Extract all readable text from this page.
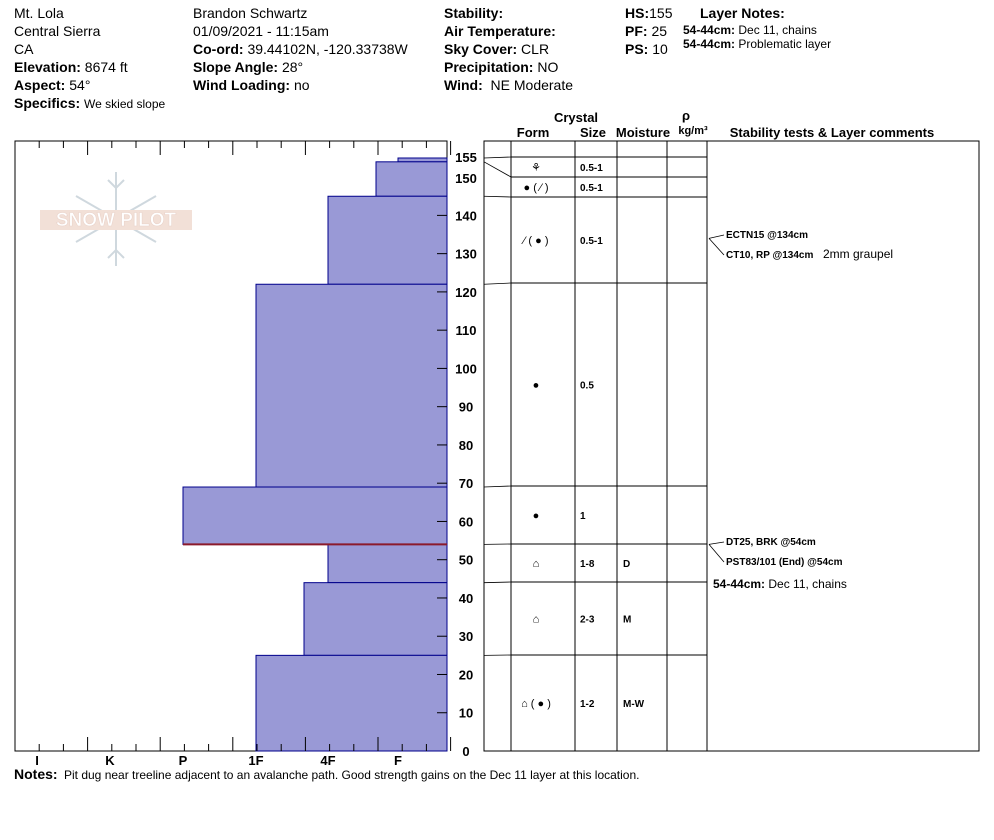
Mt. Lola
Central Sierra
CA
Elevation: 8674 ft
Aspect: 54°
Specifics: We skied slope
Brandon Schwartz
01/09/2021 - 11:15am
Co-ord: 39.44102N, -120.33738W
Slope Angle: 28°
Wind Loading: no
Stability:
Air Temperature:
Sky Cover: CLR
Precipitation: NO
Wind: NE Moderate
HS:155
PF: 25
PS: 10
Layer Notes:
54-44cm: Dec 11, chains
54-44cm: Problematic layer
SNOW PILOT
I	K	P	1F	4F	F
0
10
20
30
40
50
60
70
80
90
100
110
120
130
140
150
155
⚘	0.5-1
● ( ⁄ )	0.5-1
⁄ ( ● )	0.5-1
●	0.5
●	1
⌂	1-8	D
⌂	2-3	M
⌂ ( ● )	1-2	M-W
ECTN15 @134cm
CT10, RP @134cm 2mm graupel
DT25, BRK @54cm
PST83/101 (End) @54cm
54-44cm: Dec 11, chains
Crystal
Form Size Moisture
ρ
kg/m³ Stability tests & Layer comments
Notes: Pit dug near treeline adjacent to an avalanche path. Good strength gains on the Dec 11 layer at this location.
